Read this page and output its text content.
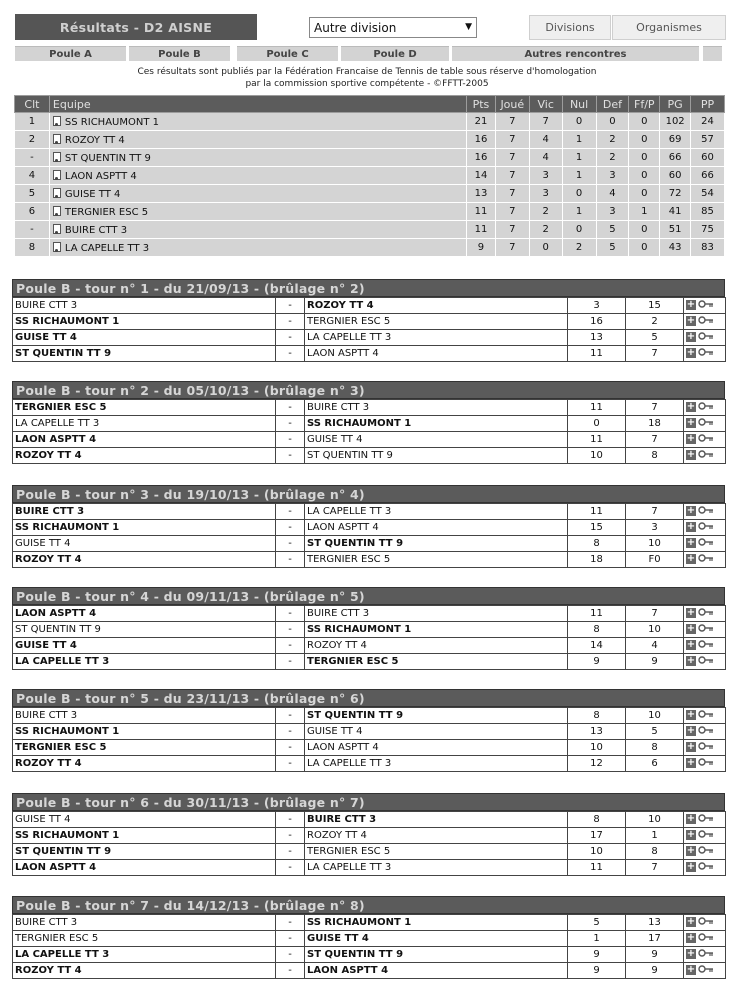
Résultats - D2 AISNE	Autre division	▼	Divisions	Organismes
Poule A	Poule B	Poule C	Poule D	Autres rencontres
Ces résultats sont publiés par la Fédération Francaise de Tennis de table sous réserve d'homologation
par la commission sportive compétente - ©FFTT-2005
Clt	Equipe	Pts	Joué	Vic	Nul	Def	Ff/P	PG	PP
1	SS RICHAUMONT 1	21	7	7	0	0	0	102	24
2	ROZOY TT 4	16	7	4	1	2	0	69	57
-	ST QUENTIN TT 9	16	7	4	1	2	0	66	60
4	LAON ASPTT 4	14	7	3	1	3	0	60	66
5	GUISE TT 4	13	7	3	0	4	0	72	54
6	TERGNIER ESC 5	11	7	2	1	3	1	41	85
-	BUIRE CTT 3	11	7	2	0	5	0	51	75
8	LA CAPELLE TT 3	9	7	0	2	5	0	43	83
Poule B - tour n° 1 - du 21/09/13 - (brûlage n° 2)
BUIRE CTT 3	-	ROZOY TT 4	3	15	+
SS RICHAUMONT 1	-	TERGNIER ESC 5	16	2	+
GUISE TT 4	-	LA CAPELLE TT 3	13	5	+
ST QUENTIN TT 9	-	LAON ASPTT 4	11	7	+
Poule B - tour n° 2 - du 05/10/13 - (brûlage n° 3)
TERGNIER ESC 5	-	BUIRE CTT 3	11	7	+
LA CAPELLE TT 3	-	SS RICHAUMONT 1	0	18	+
LAON ASPTT 4	-	GUISE TT 4	11	7	+
ROZOY TT 4	-	ST QUENTIN TT 9	10	8	+
Poule B - tour n° 3 - du 19/10/13 - (brûlage n° 4)
BUIRE CTT 3	-	LA CAPELLE TT 3	11	7	+
SS RICHAUMONT 1	-	LAON ASPTT 4	15	3	+
GUISE TT 4	-	ST QUENTIN TT 9	8	10	+
ROZOY TT 4	-	TERGNIER ESC 5	18	F0	+
Poule B - tour n° 4 - du 09/11/13 - (brûlage n° 5)
LAON ASPTT 4	-	BUIRE CTT 3	11	7	+
ST QUENTIN TT 9	-	SS RICHAUMONT 1	8	10	+
GUISE TT 4	-	ROZOY TT 4	14	4	+
LA CAPELLE TT 3	-	TERGNIER ESC 5	9	9	+
Poule B - tour n° 5 - du 23/11/13 - (brûlage n° 6)
BUIRE CTT 3	-	ST QUENTIN TT 9	8	10	+
SS RICHAUMONT 1	-	GUISE TT 4	13	5	+
TERGNIER ESC 5	-	LAON ASPTT 4	10	8	+
ROZOY TT 4	-	LA CAPELLE TT 3	12	6	+
Poule B - tour n° 6 - du 30/11/13 - (brûlage n° 7)
GUISE TT 4	-	BUIRE CTT 3	8	10	+
SS RICHAUMONT 1	-	ROZOY TT 4	17	1	+
ST QUENTIN TT 9	-	TERGNIER ESC 5	10	8	+
LAON ASPTT 4	-	LA CAPELLE TT 3	11	7	+
Poule B - tour n° 7 - du 14/12/13 - (brûlage n° 8)
BUIRE CTT 3	-	SS RICHAUMONT 1	5	13	+
TERGNIER ESC 5	-	GUISE TT 4	1	17	+
LA CAPELLE TT 3	-	ST QUENTIN TT 9	9	9	+
ROZOY TT 4	-	LAON ASPTT 4	9	9	+
